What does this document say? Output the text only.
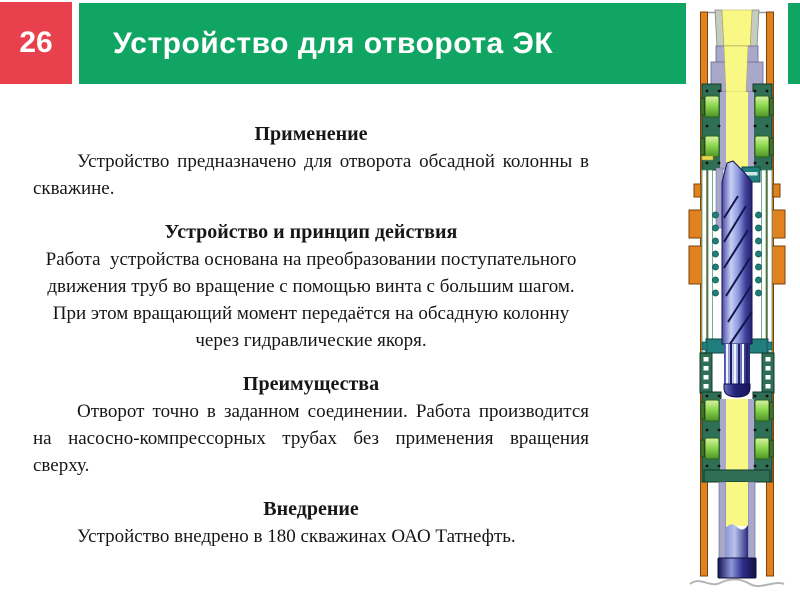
26	Устройство для отворота ЭК
Применение

Устройство предназначено для отворота обсадной колонны в скважине.

Устройство и принцип действия

Работа  устройства основана на преобразовании поступательного движения труб во вращение с помощью винта с большим шагом. При этом вращающий момент передаётся на обсадную колонну через гидравлические якоря.

Преимущества

Отворот точно в заданном соединении. Работа производится на насосно-компрессорных трубах без применения вращения сверху.

Внедрение

Устройство внедрено в 180 скважинах ОАО Татнефть.
